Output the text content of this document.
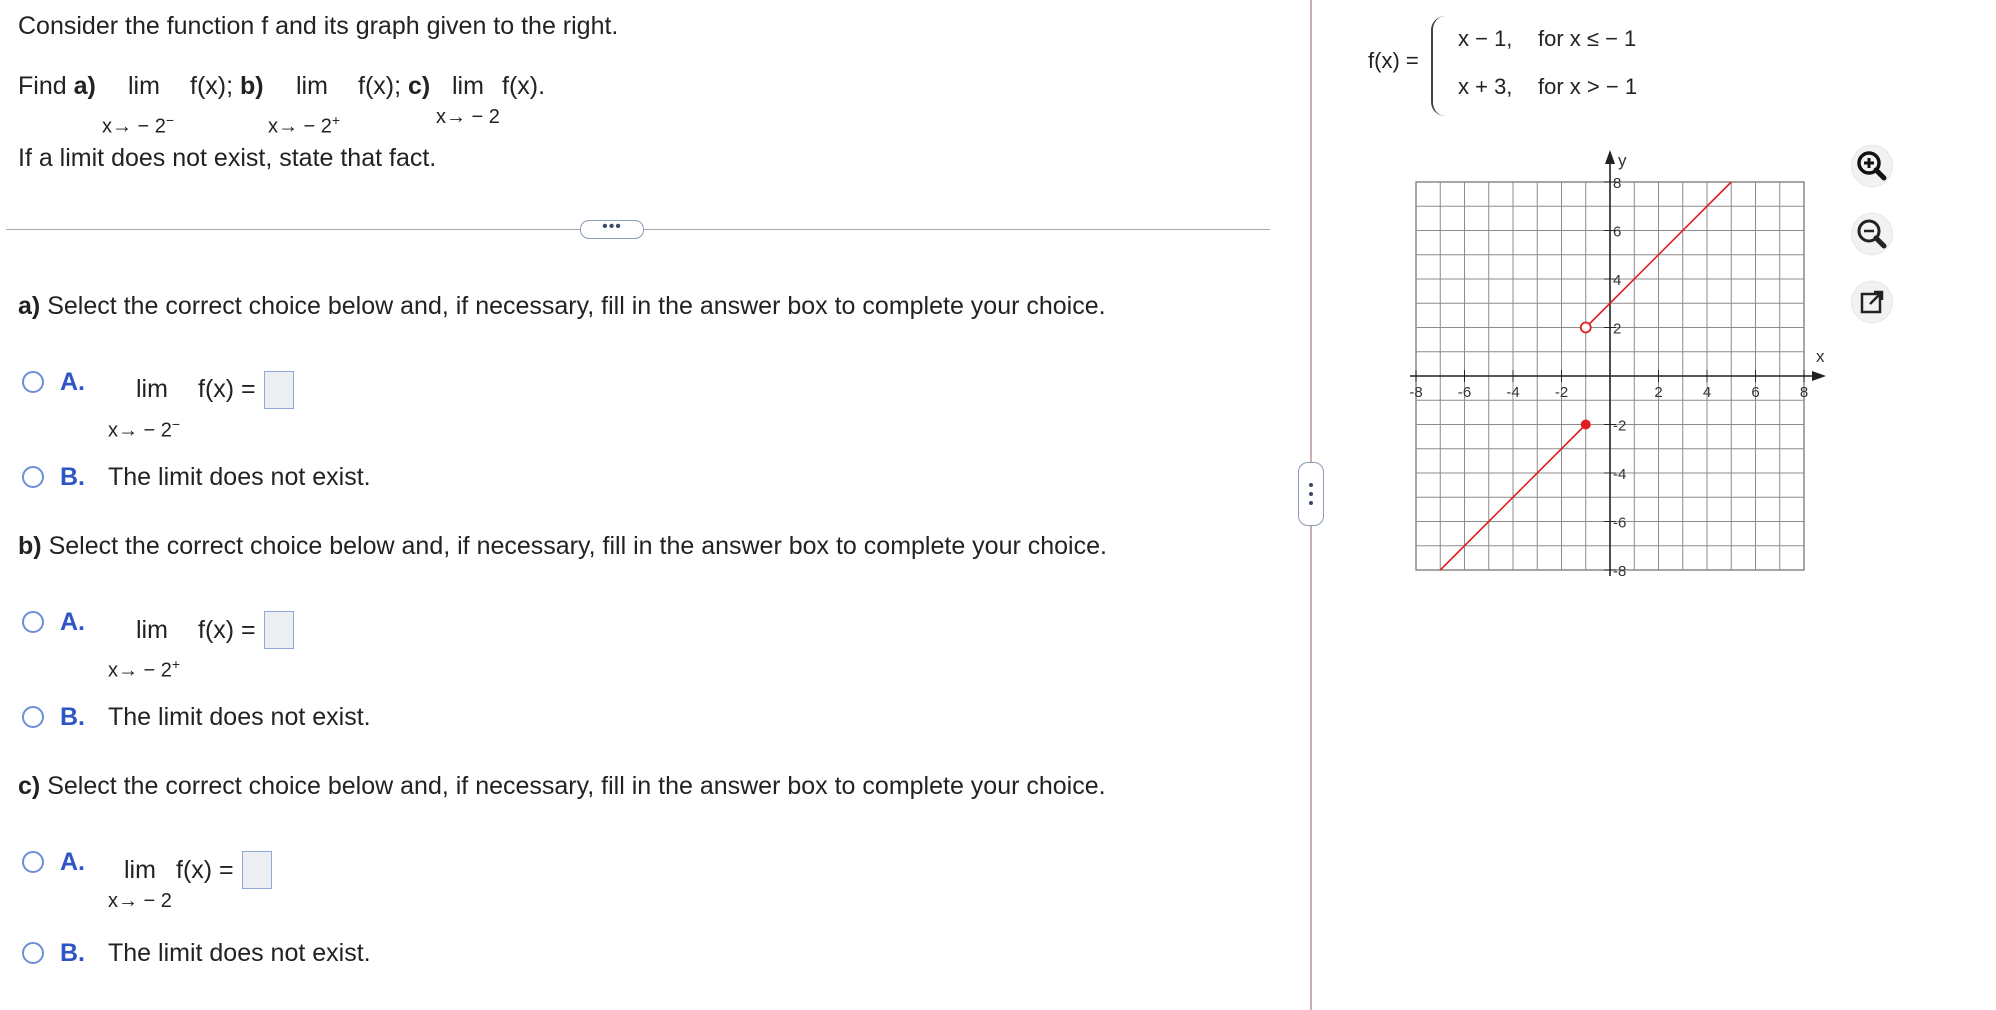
Consider the function f and its graph given to the right.
Find a) lim f(x); b) lim f(x); c) lim f(x).
x→ − 2−	x→ − 2+	x→ − 2
If a limit does not exist, state that fact.
•••
a) Select the correct choice below and, if necessary, fill in the answer box to complete your choice.
A. lim f(x) =
x→ − 2−
B. The limit does not exist.
b) Select the correct choice below and, if necessary, fill in the answer box to complete your choice.
A. lim f(x) =
x→ − 2+
B. The limit does not exist.
c) Select the correct choice below and, if necessary, fill in the answer box to complete your choice.
A. lim f(x) =
x→ − 2
B. The limit does not exist.
f(x) =
x − 1, for x ≤ − 1
x + 3, for x > − 1
-8 -6 -4 -2	2	4	6	8
8
6
4
2
-2
-4
-6
-8
x
y
